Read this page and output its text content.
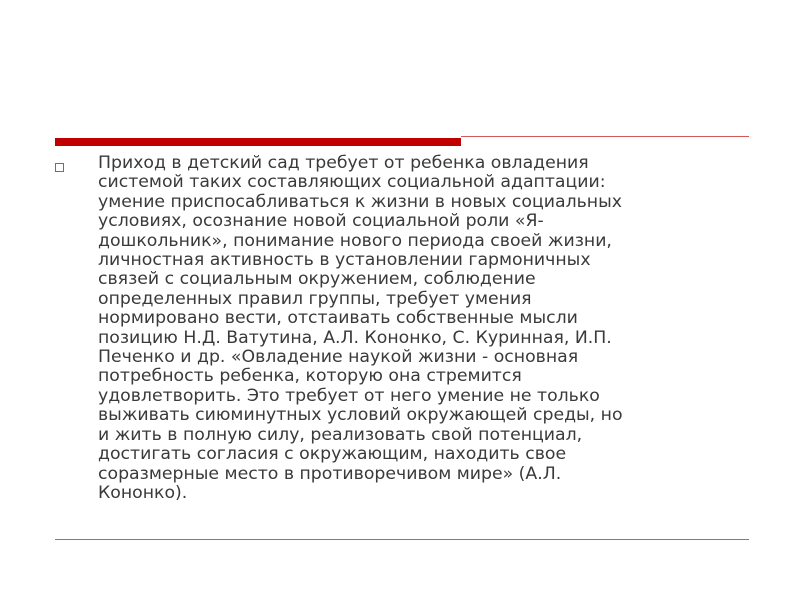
Приход в детский сад требует от ребенка овладения
системой таких составляющих социальной адаптации:
умение приспосабливаться к жизни в новых социальных
условиях, осознание новой социальной роли «Я-
дошкольник», понимание нового периода своей жизни,
личностная активность в установлении гармоничных
связей с социальным окружением, соблюдение
определенных правил группы, требует умения
нормировано вести, отстаивать собственные мысли
позицию Н.Д. Ватутина, А.Л. Кононко, С. Куринная, И.П.
Печенко и др. «Овладение наукой жизни - основная
потребность ребенка, которую она стремится
удовлетворить. Это требует от него умение не только
выживать сиюминутных условий окружающей среды, но
и жить в полную силу, реализовать свой потенциал,
достигать согласия с окружающим, находить свое
соразмерные место в противоречивом мире» (А.Л.
Кононко).
